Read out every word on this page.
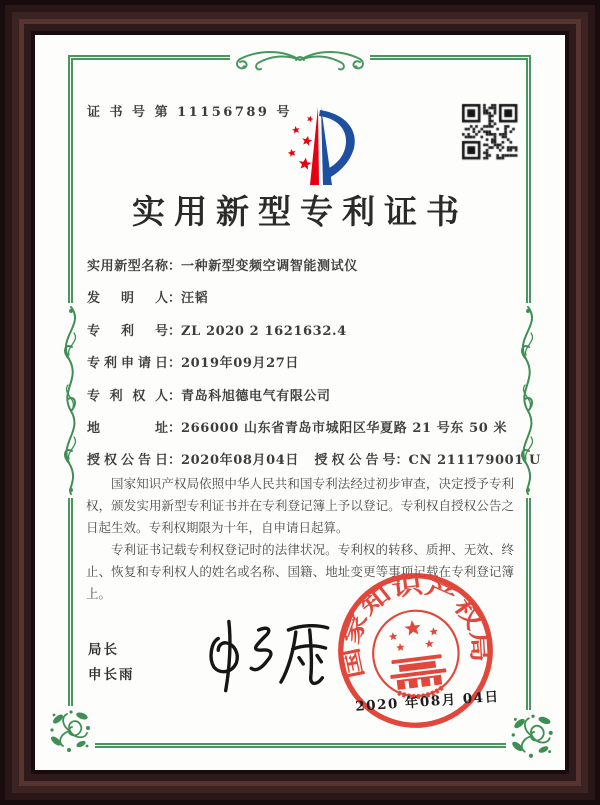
证 书 号 第 11156789 号
实用新型专利证书
实用新型名称：一种新型变频空调智能测试仪
发明人：汪韬
专利号：ZL 2020 2 1621632.4
专利申请日：2019年09月27日
专利权人：青岛科旭德电气有限公司
地址：266000 山东省青岛市城阳区华夏路 21 号东 50 米
授权公告日：2020年08月04日 授权公告号：CN 211179001 U

国家知识产权局依照中华人民共和国专利法经过初步审查，决定授予专利权，颁发实用新型专利证书并在专利登记簿上予以登记。专利权自授权公告之日起生效。专利权期限为十年，自申请日起算。

专利证书记载专利权登记时的法律状况。专利权的转移、质押、无效、终止、恢复和专利权人的姓名或名称、国籍、地址变更等事项记载在专利登记簿上。

局长
申长雨	国家知识产权局
2020 年08月 04日
